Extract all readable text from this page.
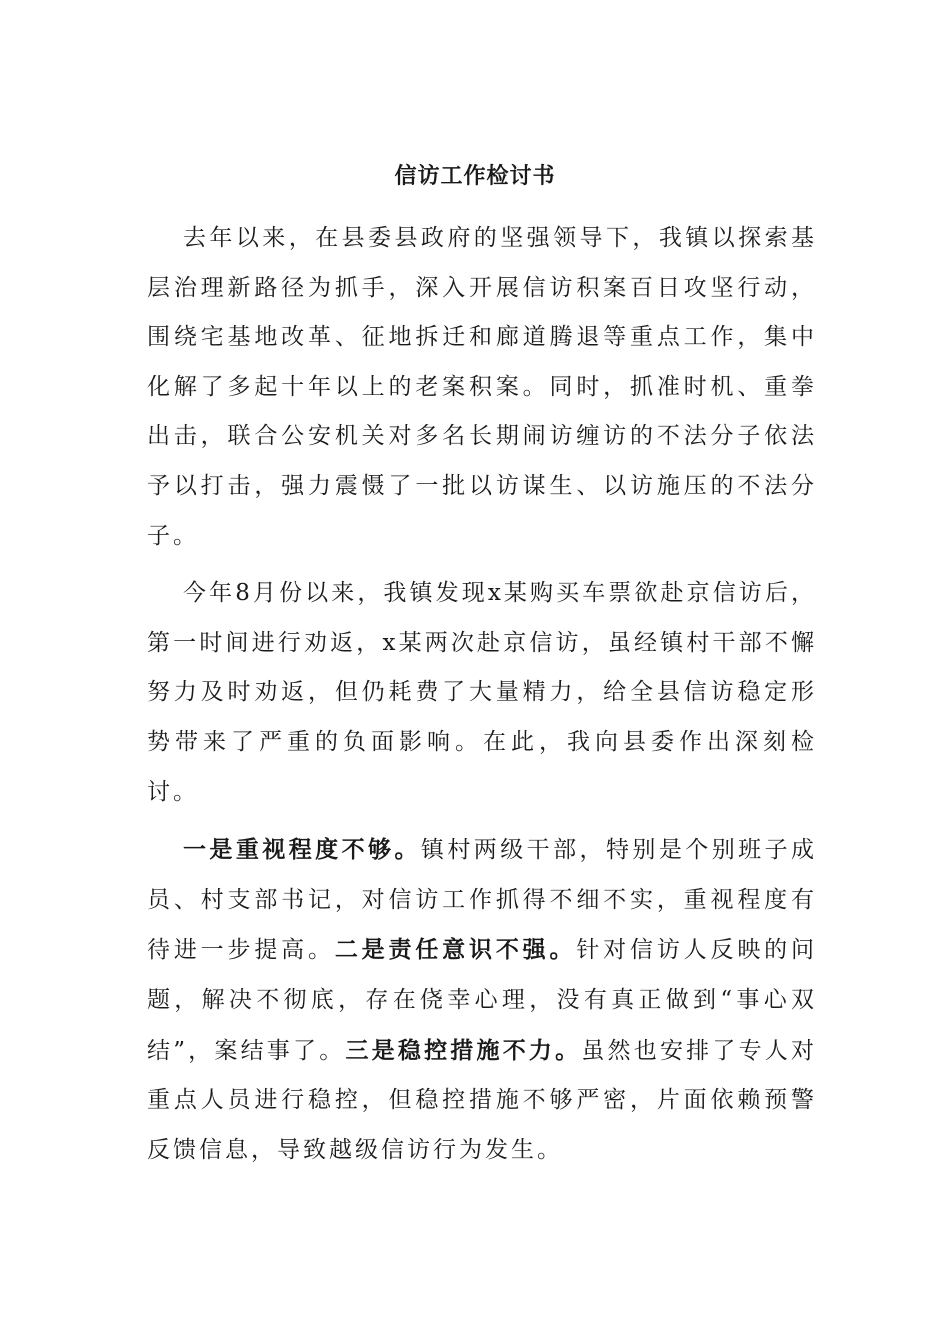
信访工作检讨书

去年以来，在县委县政府的坚强领导下，我镇以探索基层治理新路径为抓手，深入开展信访积案百日攻坚行动，围绕宅基地改革、征地拆迁和廊道腾退等重点工作，集中化解了多起十年以上的老案积案。同时，抓准时机、重拳出击，联合公安机关对多名长期闹访缠访的不法分子依法予以打击，强力震慑了一批以访谋生、以访施压的不法分子。

今年8月份以来，我镇发现x某购买车票欲赴京信访后，第一时间进行劝返，x某两次赴京信访，虽经镇村干部不懈努力及时劝返，但仍耗费了大量精力，给全县信访稳定形势带来了严重的负面影响。在此，我向县委作出深刻检讨。

一是重视程度不够。镇村两级干部，特别是个别班子成员、村支部书记，对信访工作抓得不细不实，重视程度有待进一步提高。二是责任意识不强。针对信访人反映的问题，解决不彻底，存在侥幸心理，没有真正做到“事心双结”，案结事了。三是稳控措施不力。虽然也安排了专人对重点人员进行稳控，但稳控措施不够严密，片面依赖预警反馈信息，导致越级信访行为发生。
